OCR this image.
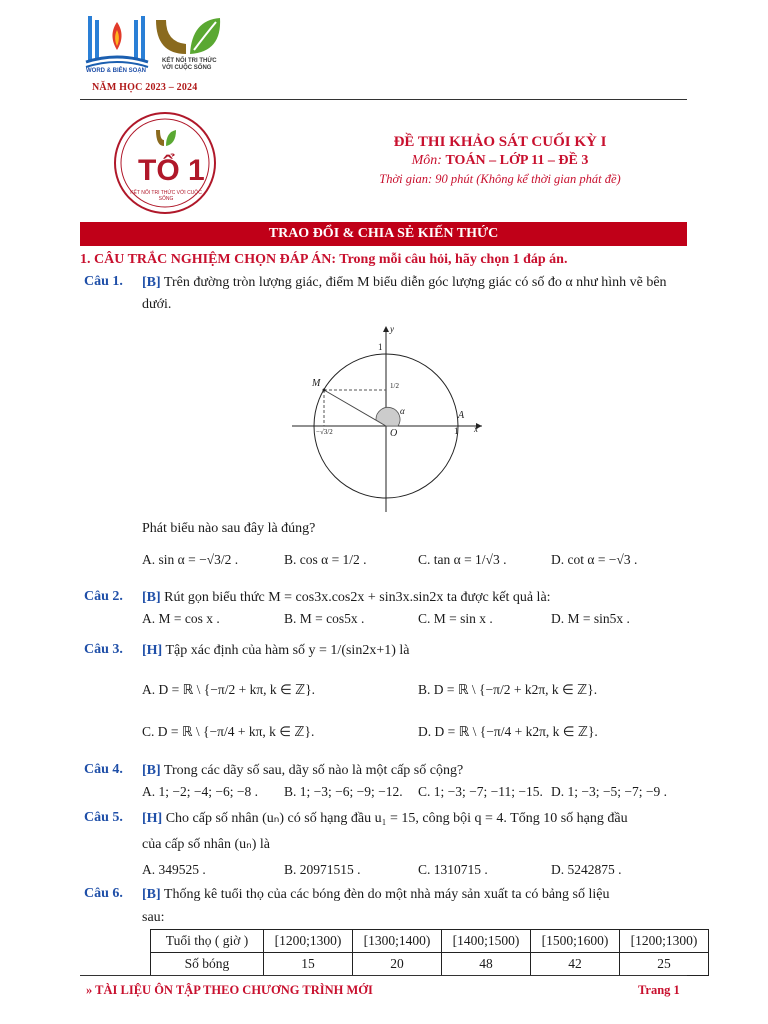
WORD & BIÊN SOẠN
KẾT NỐI TRI THỨC VỚI CUỘC SỐNG
NĂM HỌC 2023 – 2024
TỔ 1
KẾT NỐI TRI THỨC VỚI CUỘC SỐNG
ĐỀ THI KHẢO SÁT CUỐI KỲ I
Môn: TOÁN – LỚP 11 – ĐỀ 3
Thời gian: 90 phút (Không kể thời gian phát đề)
TRAO ĐỔI & CHIA SẺ KIẾN THỨC
1. CÂU TRẮC NGHIỆM CHỌN ĐÁP ÁN: Trong mỗi câu hỏi, hãy chọn 1 đáp án.
Câu 1. [B] Trên đường tròn lượng giác, điểm M biểu diễn góc lượng giác có số đo α như hình vẽ bên dưới.
y
x
1
1
O
A
M
α
1/2
−√3/2
Phát biểu nào sau đây là đúng?
A. sin α = −√3/2 .	B. cos α = 1/2 .	C. tan α = 1/√3 .	D. cot α = −√3 .
Câu 2. [B] Rút gọn biểu thức M = cos3x.cos2x + sin3x.sin2x ta được kết quả là:
A. M = cos x .	B. M = cos5x .	C. M = sin x .	D. M = sin5x .
Câu 3. [H] Tập xác định của hàm số y = 1/(sin2x+1) là
A. D = ℝ \ {−π/2 + kπ, k ∈ ℤ}.	B. D = ℝ \ {−π/2 + k2π, k ∈ ℤ}.
C. D = ℝ \ {−π/4 + kπ, k ∈ ℤ}.	D. D = ℝ \ {−π/4 + k2π, k ∈ ℤ}.
Câu 4. [B] Trong các dãy số sau, dãy số nào là một cấp số cộng?
A. 1; −2; −4; −6; −8 . B. 1; −3; −6; −9; −12. C. 1; −3; −7; −11; −15. D. 1; −3; −5; −7; −9 .
Câu 5. [H] Cho cấp số nhân (uₙ) có số hạng đầu u₁ = 15, công bội q = 4. Tổng 10 số hạng đầu
của cấp số nhân (uₙ) là
A. 349525 .	B. 20971515 .	C. 1310715 .	D. 5242875 .
Câu 6. [B] Thống kê tuổi thọ của các bóng đèn do một nhà máy sản xuất ta có bảng số liệu
sau:
Tuổi thọ ( giờ )	[1200;1300)	[1300;1400)	[1400;1500)	[1500;1600)	[1200;1300)
Số bóng	15	20	48	42	25
» TÀI LIỆU ÔN TẬP THEO CHƯƠNG TRÌNH MỚI	Trang 1
